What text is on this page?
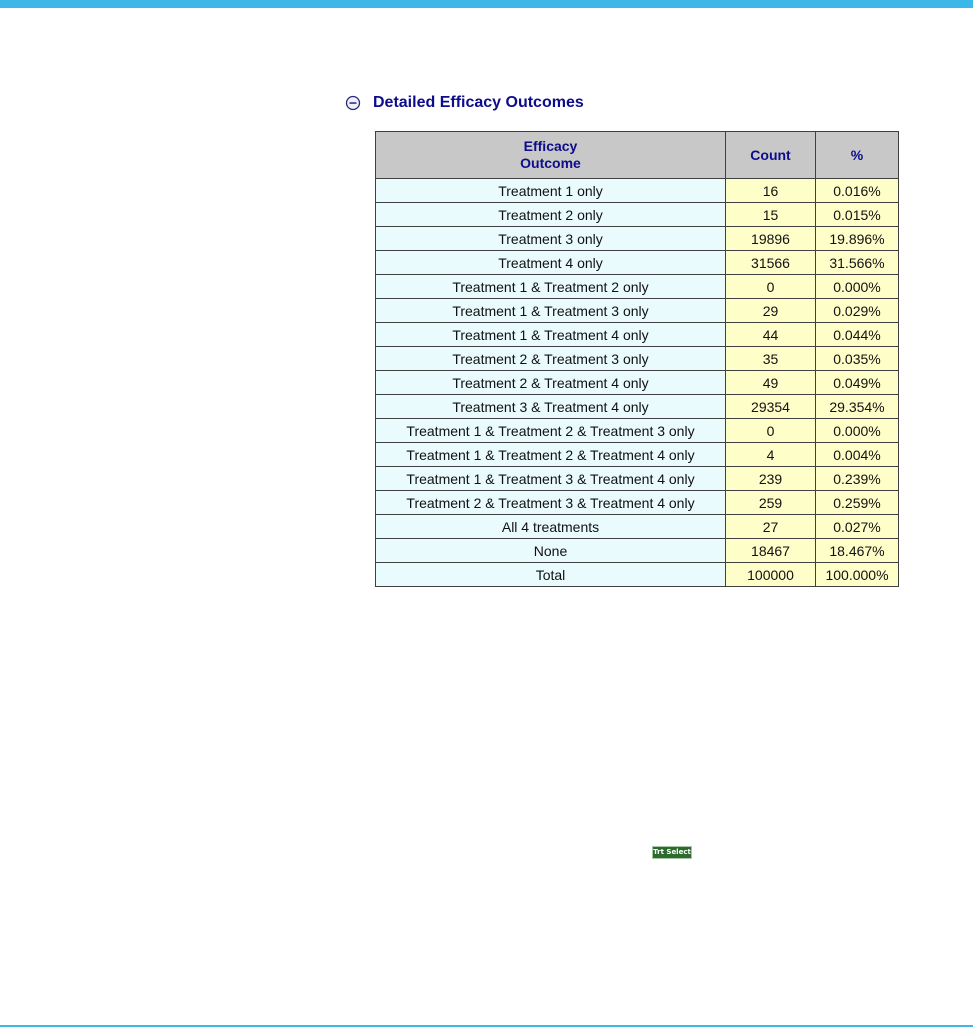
Detailed Efficacy Outcomes
Efficacy
Outcome	Count	%
Treatment 1 only	16	0.016%
Treatment 2 only	15	0.015%
Treatment 3 only	19896	19.896%
Treatment 4 only	31566	31.566%
Treatment 1 & Treatment 2 only	0	0.000%
Treatment 1 & Treatment 3 only	29	0.029%
Treatment 1 & Treatment 4 only	44	0.044%
Treatment 2 & Treatment 3 only	35	0.035%
Treatment 2 & Treatment 4 only	49	0.049%
Treatment 3 & Treatment 4 only	29354	29.354%
Treatment 1 & Treatment 2 & Treatment 3 only	0	0.000%
Treatment 1 & Treatment 2 & Treatment 4 only	4	0.004%
Treatment 1 & Treatment 3 & Treatment 4 only	239	0.239%
Treatment 2 & Treatment 3 & Treatment 4 only	259	0.259%
All 4 treatments	27	0.027%
None	18467	18.467%
Total	100000	100.000%
Trt Select
